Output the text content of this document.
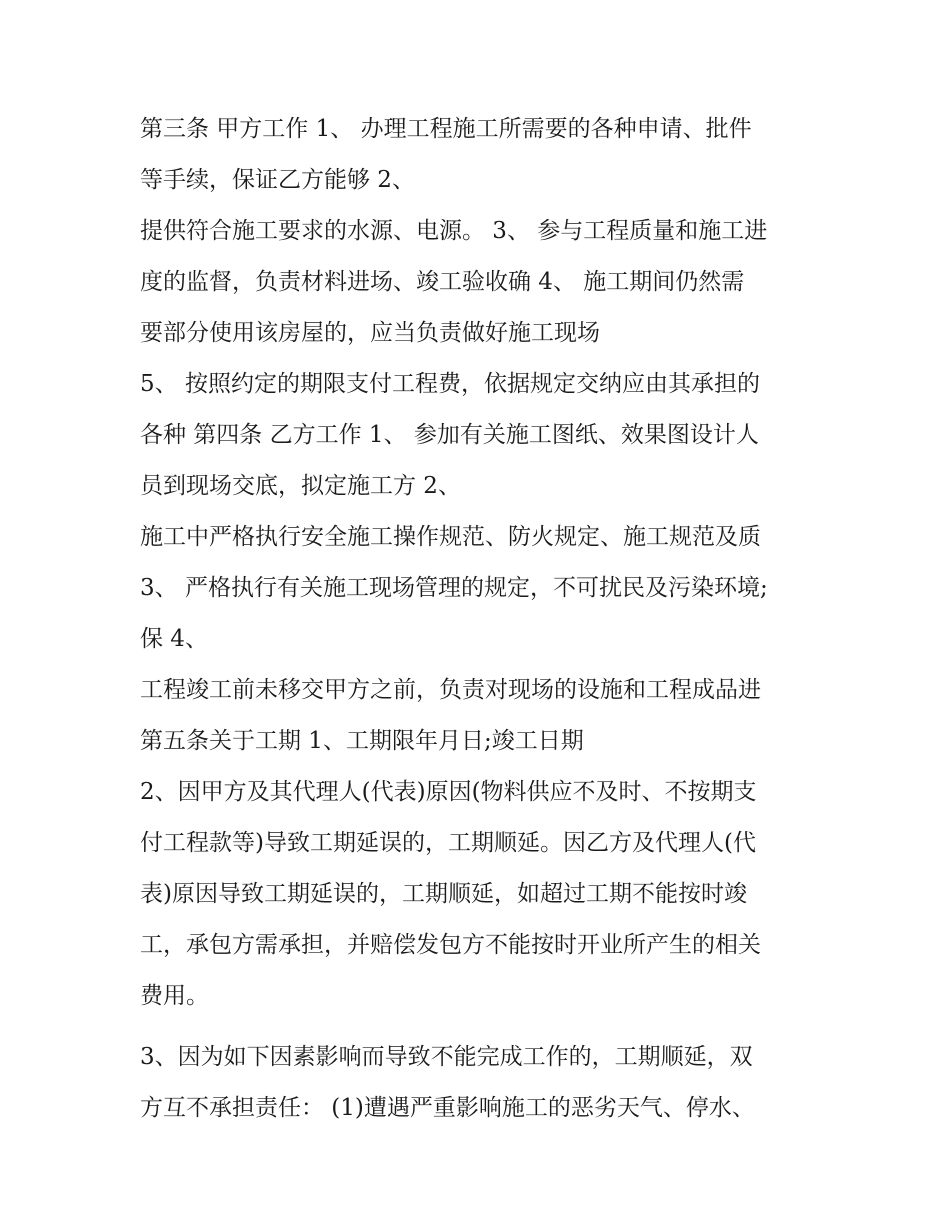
第三条 甲方工作 1、 办理工程施工所需要的各种申请、批件
等手续，保证乙方能够 2、
提供符合施工要求的水源、电源。 3、 参与工程质量和施工进
度的监督，负责材料进场、竣工验收确 4、 施工期间仍然需
要部分使用该房屋的，应当负责做好施工现场
5、 按照约定的期限支付工程费，依据规定交纳应由其承担的
各种 第四条 乙方工作 1、 参加有关施工图纸、效果图设计人
员到现场交底，拟定施工方 2、
施工中严格执行安全施工操作规范、防火规定、施工规范及质
3、 严格执行有关施工现场管理的规定，不可扰民及污染环境;
保 4、
工程竣工前未移交甲方之前，负责对现场的设施和工程成品进
第五条关于工期 1、工期限年月日;竣工日期
2、因甲方及其代理人(代表)原因(物料供应不及时、不按期支
付工程款等)导致工期延误的，工期顺延。因乙方及代理人(代
表)原因导致工期延误的，工期顺延，如超过工期不能按时竣
工，承包方需承担，并赔偿发包方不能按时开业所产生的相关
费用。
3、因为如下因素影响而导致不能完成工作的，工期顺延，双
方互不承担责任： (1)遭遇严重影响施工的恶劣天气、停水、
